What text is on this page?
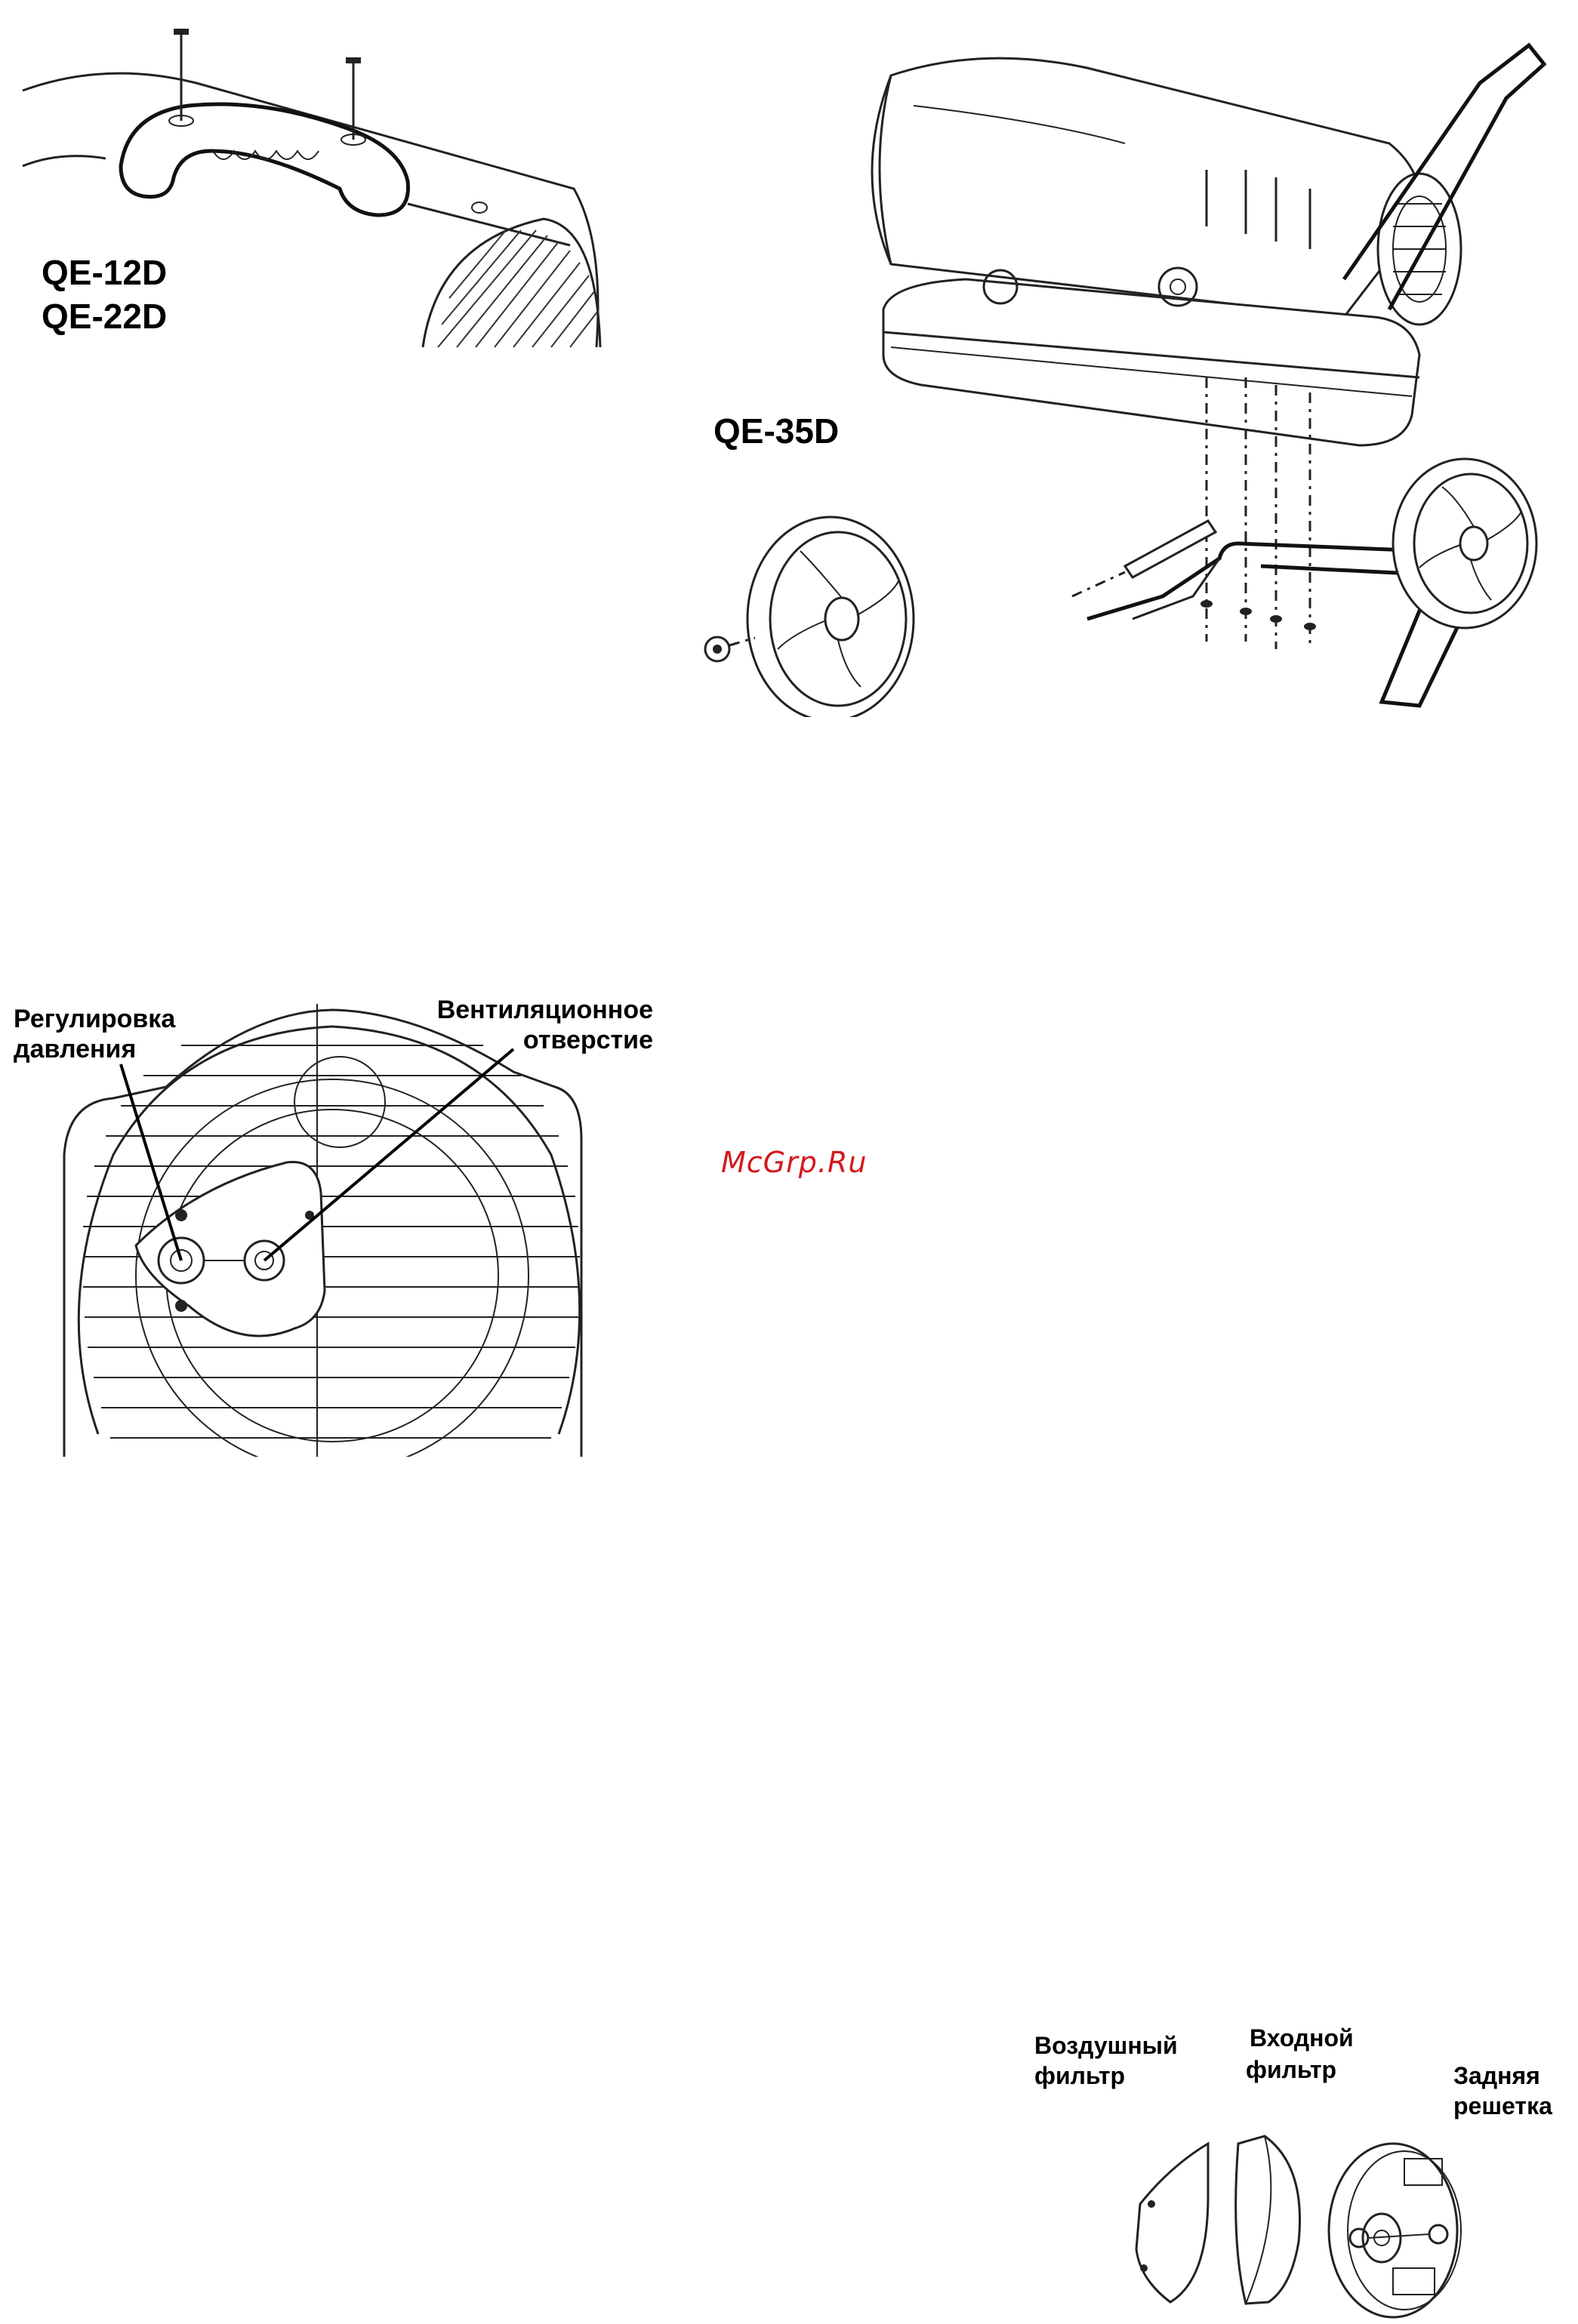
QE-12D
QE-22D
QE-35D
Регулировка
давления
Вентиляционное
отверстие
McGrp.Ru
Воздушный
фильтр
Входной
фильтр	Задняя
решетка
